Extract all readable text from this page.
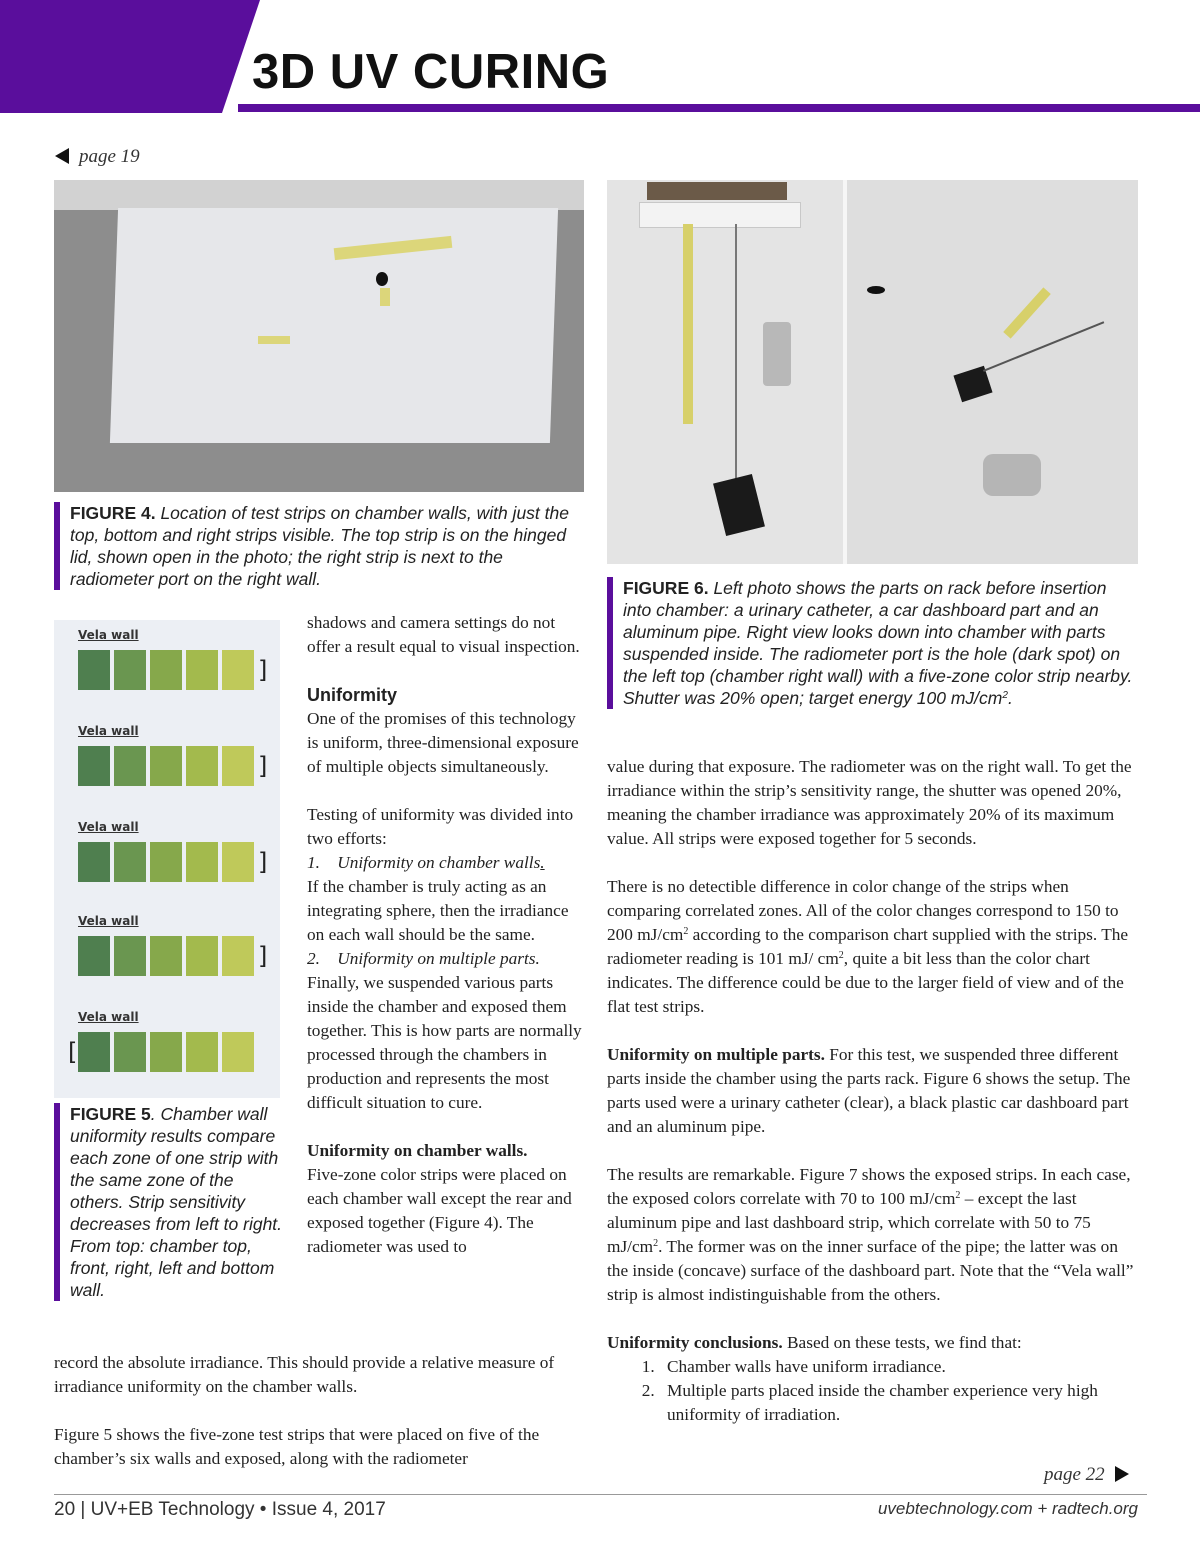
3D UV CURING
page 19
FIGURE 4. Location of test strips on chamber walls, with just the top, bottom and right strips visible. The top strip is on the hinged lid, shown open in the photo; the right strip is next to the radiometer port on the right wall.	FIGURE 6. Left photo shows the parts on rack before insertion into chamber: a urinary catheter, a car dashboard part and an aluminum pipe. Right view looks down into chamber with parts suspended inside. The radiometer port is the hole (dark spot) on the left top (chamber right wall) with a five-zone color strip nearby. Shutter was 20% open; target energy 100 $mJ/cm^2$.
Vela wall
]
Vela wall
]
Vela wall
]
Vela wall
]
Vela wall
[
FIGURE 5. Chamber wall uniformity results compare each zone of one strip with the same zone of the others. Strip sensitivity decreases from left to right. From top: chamber top, front, right, left and bottom wall.

shadows and camera settings do not offer a result equal to visual inspection.

Uniformity

One of the promises of this technology is uniform, three-dimensional exposure of multiple objects simultaneously.

Testing of uniformity was divided into two efforts:

1. Uniformity on chamber walls.

If the chamber is truly acting as an integrating sphere, then the irradiance on each wall should be the same.

2. Uniformity on multiple parts. Finally, we suspended various parts inside the chamber and exposed them together. This is how parts are normally processed through the chambers in production and represents the most difficult situation to cure.

Uniformity on chamber walls.

Five-zone color strips were placed on each chamber wall except the rear and exposed together (Figure 4). The radiometer was used to

record the absolute irradiance. This should provide a relative measure of irradiance uniformity on the chamber walls.

Figure 5 shows the five-zone test strips that were placed on five of the chamber’s six walls and exposed, along with the radiometer

value during that exposure. The radiometer was on the right wall. To get the irradiance within the strip’s sensitivity range, the shutter was opened 20%, meaning the chamber irradiance was approximately 20% of its maximum value. All strips were exposed together for 5 seconds.

There is no detectible difference in color change of the strips when comparing correlated zones. All of the color changes correspond to 150 to 200 $mJ/cm^2$ according to the comparison chart supplied with the strips. The radiometer reading is 101 mJ/ $cm^2$, quite a bit less than the color chart indicates. The difference could be due to the larger field of view and of the flat test strips.

Uniformity on multiple parts. For this test, we suspended three different parts inside the chamber using the parts rack. Figure 6 shows the setup. The parts used were a urinary catheter (clear), a black plastic car dashboard part and an aluminum pipe.

The results are remarkable. Figure 7 shows the exposed strips. In each case, the exposed colors correlate with 70 to 100 $mJ/cm^2$ – except the last aluminum pipe and last dashboard strip, which correlate with 50 to 75 $mJ/cm^2$. The former was on the inner surface of the pipe; the latter was on the inside (concave) surface of the dashboard part. Note that the “Vela wall” strip is almost indistinguishable from the others.

Uniformity conclusions. Based on these tests, we find that:

1. Chamber walls have uniform irradiance.
2. Multiple parts placed inside the chamber experience very high uniformity of irradiation.
page 22
20 | UV+EB Technology • Issue 4, 2017	uvebtechnology.com + radtech.org
